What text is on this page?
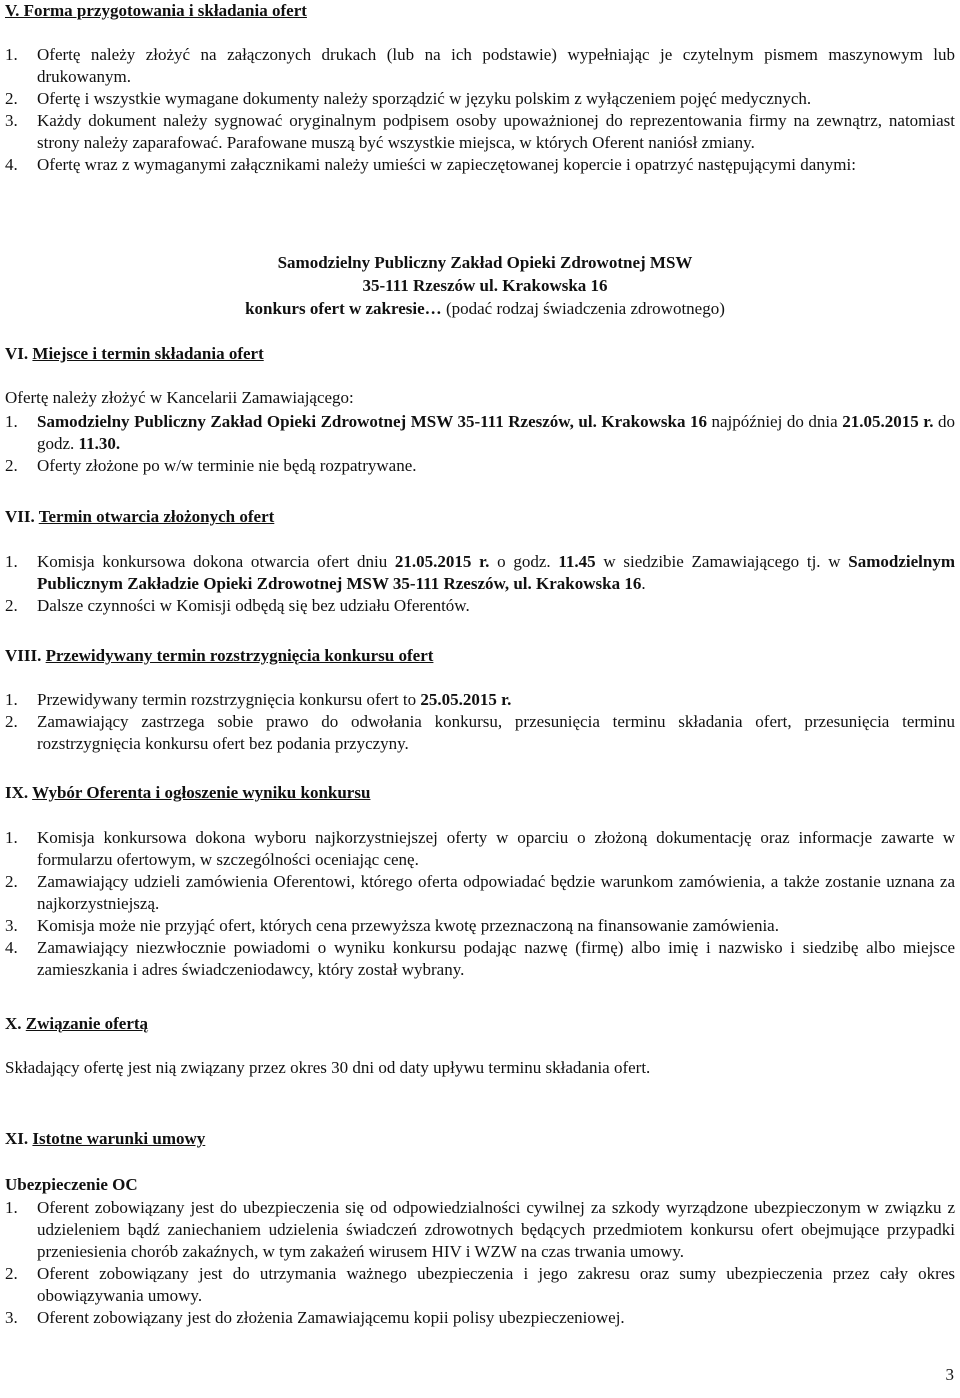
V. Forma przygotowania i składania ofert
1. Ofertę należy złożyć na załączonych drukach (lub na ich podstawie) wypełniając je czytelnym pismem maszynowym lub drukowanym.
2. Ofertę i wszystkie wymagane dokumenty należy sporządzić w języku polskim z wyłączeniem pojęć medycznych.
3. Każdy dokument należy sygnować oryginalnym podpisem osoby upoważnionej do reprezentowania firmy na zewnątrz, natomiast strony należy zaparafować. Parafowane muszą być wszystkie miejsca, w których Oferent naniósł zmiany.
4. Ofertę wraz z wymaganymi załącznikami należy umieści w zapieczętowanej kopercie i opatrzyć następującymi danymi:
Samodzielny Publiczny Zakład Opieki Zdrowotnej MSW
35-111 Rzeszów ul. Krakowska 16
konkurs ofert w zakresie… (podać rodzaj świadczenia zdrowotnego)
VI. Miejsce i termin składania ofert

Ofertę należy złożyć w Kancelarii Zamawiającego:

1. Samodzielny Publiczny Zakład Opieki Zdrowotnej MSW 35-111 Rzeszów, ul. Krakowska 16 najpóźniej do dnia 21.05.2015 r. do godz. 11.30.
2. Oferty złożone po w/w terminie nie będą rozpatrywane.
VII. Termin otwarcia złożonych ofert
1. Komisja konkursowa dokona otwarcia ofert dniu 21.05.2015 r. o godz. 11.45 w siedzibie Zamawiającego tj. w Samodzielnym Publicznym Zakładzie Opieki Zdrowotnej MSW 35-111 Rzeszów, ul. Krakowska 16.
2. Dalsze czynności w Komisji odbędą się bez udziału Oferentów.
VIII. Przewidywany termin rozstrzygnięcia konkursu ofert
1. Przewidywany termin rozstrzygnięcia konkursu ofert to 25.05.2015 r.
2. Zamawiający zastrzega sobie prawo do odwołania konkursu, przesunięcia terminu składania ofert, przesunięcia terminu rozstrzygnięcia konkursu ofert bez podania przyczyny.
IX. Wybór Oferenta i ogłoszenie wyniku konkursu
1. Komisja konkursowa dokona wyboru najkorzystniejszej oferty w oparciu o złożoną dokumentację oraz informacje zawarte w formularzu ofertowym, w szczególności oceniając cenę.
2. Zamawiający udzieli zamówienia Oferentowi, którego oferta odpowiadać będzie warunkom zamówienia, a także zostanie uznana za najkorzystniejszą.
3. Komisja może nie przyjąć ofert, których cena przewyższa kwotę przeznaczoną na finansowanie zamówienia.
4. Zamawiający niezwłocznie powiadomi o wyniku konkursu podając nazwę (firmę) albo imię i nazwisko i siedzibę albo miejsce zamieszkania i adres świadczeniodawcy, który został wybrany.
X. Związanie ofertą

Składający ofertę jest nią związany przez okres 30 dni od daty upływu terminu składania ofert.

XI. Istotne warunki umowy
Ubezpieczenie OC
1. Oferent zobowiązany jest do ubezpieczenia się od odpowiedzialności cywilnej za szkody wyrządzone ubezpieczonym w związku z udzieleniem bądź zaniechaniem udzielenia świadczeń zdrowotnych będących przedmiotem konkursu ofert obejmujące przypadki przeniesienia chorób zakaźnych, w tym zakażeń wirusem HIV i WZW na czas trwania umowy.
2. Oferent zobowiązany jest do utrzymania ważnego ubezpieczenia i jego zakresu oraz sumy ubezpieczenia przez cały okres obowiązywania umowy.
3. Oferent zobowiązany jest do złożenia Zamawiającemu kopii polisy ubezpieczeniowej.
3
